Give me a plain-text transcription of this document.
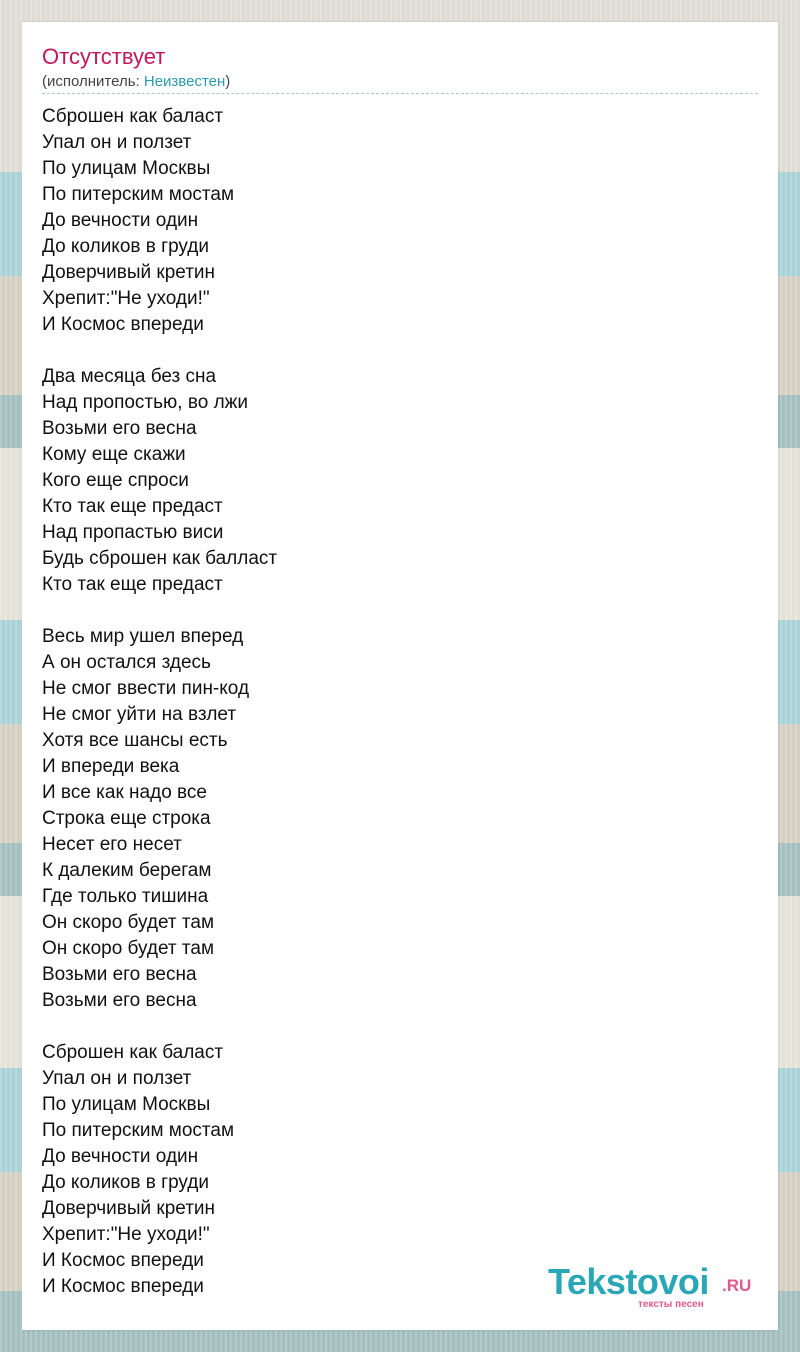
Отсутствует
(исполнитель: Неизвестен)
Сброшен как баласт
Упал он и ползет
По улицам Москвы
По питерским мостам
До вечности один
До коликов в груди
Доверчивый кретин
Хрепит:"Не уходи!"
И Космос впереди
Два месяца без сна
Над пропостью, во лжи
Возьми его весна
Кому еще скажи
Кого еще спроси
Кто так еще предаст
Над пропастью виси
Будь сброшен как балласт
Кто так еще предаст
Весь мир ушел вперед
А он остался здесь
Не смог ввести пин-код
Не смог уйти на взлет
Хотя все шансы есть
И впереди века
И все как надо все
Строка еще строка
Несет его несет
К далеким берегам
Где только тишина
Он скоро будет там
Он скоро будет там
Возьми его весна
Возьми его весна
Сброшен как баласт
Упал он и ползет
По улицам Москвы
По питерским мостам
До вечности один
До коликов в груди
Доверчивый кретин
Хрепит:"Не уходи!"
И Космос впереди
И Космос впереди	Tekstovoi .RU
тексты песен
